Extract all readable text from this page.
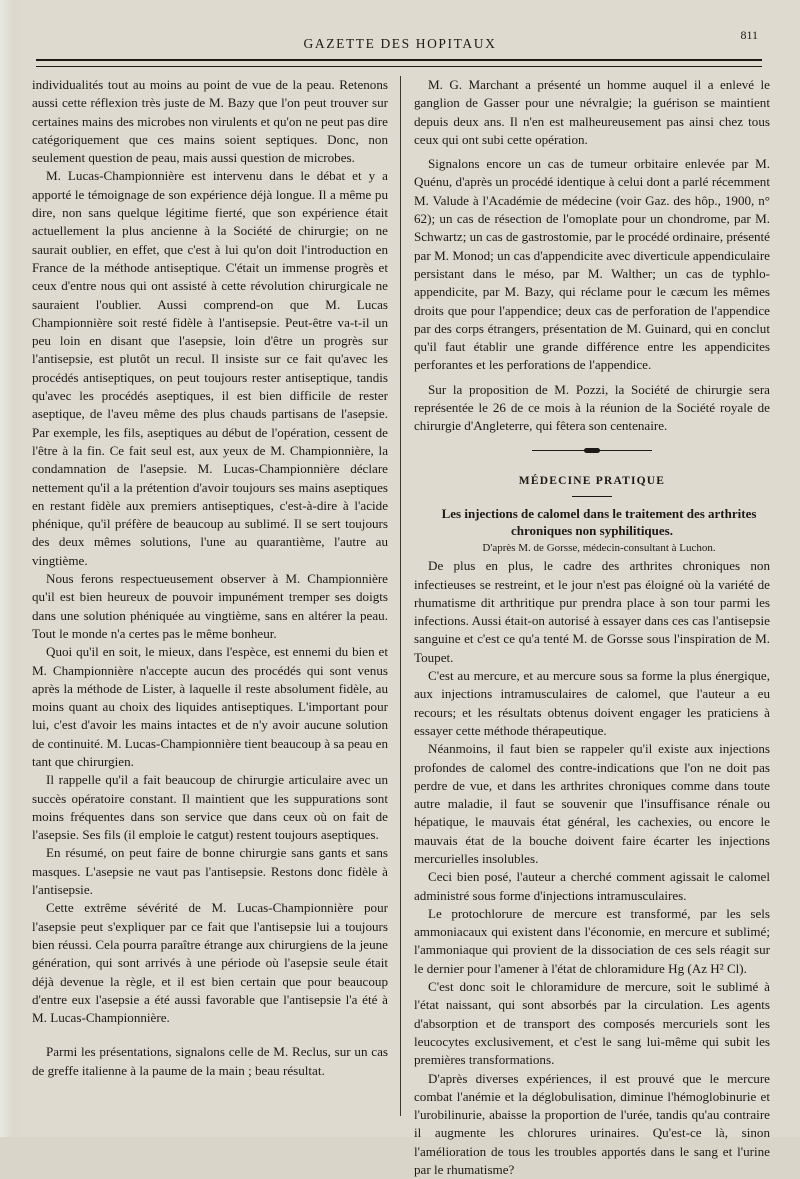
GAZETTE DES HOPITAUX
811

individualités tout au moins au point de vue de la peau. Retenons aussi cette réflexion très juste de M. Bazy que l'on peut trouver sur certaines mains des microbes non virulents et qu'on ne peut pas dire catégoriquement que ces mains soient septiques. Donc, non seulement question de peau, mais aussi question de microbes.

M. Lucas-Championnière est intervenu dans le débat et y a apporté le témoignage de son expérience déjà longue. Il a même pu dire, non sans quelque légitime fierté, que son expérience était actuellement la plus ancienne à la Société de chirurgie; on ne saurait oublier, en effet, que c'est à lui qu'on doit l'introduction en France de la méthode antiseptique. C'était un immense progrès et ceux d'entre nous qui ont assisté à cette révolution chirurgicale ne sauraient l'oublier. Aussi comprend-on que M. Lucas Championnière soit resté fidèle à l'antisepsie. Peut-être va-t-il un peu loin en disant que l'asepsie, loin d'être un progrès sur l'antisepsie, est plutôt un recul. Il insiste sur ce fait qu'avec les procédés antiseptiques, on peut toujours rester antiseptique, tandis qu'avec les procédés aseptiques, il est bien difficile de rester aseptique, de l'aveu même des plus chauds partisans de l'asepsie. Par exemple, les fils, aseptiques au début de l'opération, cessent de l'être à la fin. Ce fait seul est, aux yeux de M. Championnière, la condamnation de l'asepsie. M. Lucas-Championnière déclare nettement qu'il a la prétention d'avoir toujours ses mains aseptiques en restant fidèle aux premiers antiseptiques, c'est-à-dire à l'acide phénique, qu'il préfère de beaucoup au sublimé. Il se sert toujours des deux mêmes solutions, l'une au quarantième, l'autre au vingtième.

Nous ferons respectueusement observer à M. Championnière qu'il est bien heureux de pouvoir impunément tremper ses doigts dans une solution phéniquée au vingtième, sans en altérer la peau. Tout le monde n'a certes pas le même bonheur.

Quoi qu'il en soit, le mieux, dans l'espèce, est ennemi du bien et M. Championnière n'accepte aucun des procédés qui sont venus après la méthode de Lister, à laquelle il reste absolument fidèle, au moins quant au choix des liquides antiseptiques. L'important pour lui, c'est d'avoir les mains intactes et de n'y avoir aucune solution de continuité. M. Lucas-Championnière tient beaucoup à sa peau en tant que chirurgien.

Il rappelle qu'il a fait beaucoup de chirurgie articulaire avec un succès opératoire constant. Il maintient que les suppurations sont moins fréquentes dans son service que dans ceux où on fait de l'asepsie. Ses fils (il emploie le catgut) restent toujours aseptiques.

En résumé, on peut faire de bonne chirurgie sans gants et sans masques. L'asepsie ne vaut pas l'antisepsie. Restons donc fidèle à l'antisepsie.

Cette extrême sévérité de M. Lucas-Championnière pour l'asepsie peut s'expliquer par ce fait que l'antisepsie lui a toujours bien réussi. Cela pourra paraître étrange aux chirurgiens de la jeune génération, qui sont arrivés à une période où l'asepsie seule était déjà devenue la règle, et il est bien certain que pour beaucoup d'entre eux l'asepsie a été aussi favorable que l'antisepsie l'a été à M. Lucas-Championnière.

Parmi les présentations, signalons celle de M. Reclus, sur un cas de greffe italienne à la paume de la main ; beau résultat.

M. G. Marchant a présenté un homme auquel il a enlevé le ganglion de Gasser pour une névralgie; la guérison se maintient depuis deux ans. Il n'en est malheureusement pas ainsi chez tous ceux qui ont subi cette opération.

Signalons encore un cas de tumeur orbitaire enlevée par M. Quénu, d'après un procédé identique à celui dont a parlé récemment M. Valude à l'Académie de médecine (voir Gaz. des hôp., 1900, n° 62); un cas de résection de l'omoplate pour un chondrome, par M. Schwartz; un cas de gastrostomie, par le procédé ordinaire, présenté par M. Monod; un cas d'appendicite avec diverticule appendiculaire persistant dans le méso, par M. Walther; un cas de typhlo-appendicite, par M. Bazy, qui réclame pour le cæcum les mêmes droits que pour l'appendice; deux cas de perforation de l'appendice par des corps étrangers, présentation de M. Guinard, qui en conclut qu'il faut établir une grande différence entre les appendicites perforantes et les perforations de l'appendice.

Sur la proposition de M. Pozzi, la Société de chirurgie sera représentée le 26 de ce mois à la réunion de la Société royale de chirurgie d'Angleterre, qui fêtera son centenaire.

MÉDECINE PRATIQUE

Les injections de calomel dans le traitement des arthrites chroniques non syphilitiques.

D'après M. de Gorsse, médecin-consultant à Luchon.

De plus en plus, le cadre des arthrites chroniques non infectieuses se restreint, et le jour n'est pas éloigné où la variété de rhumatisme dit arthritique pur prendra place à son tour parmi les infections. Aussi était-on autorisé à essayer dans ces cas l'antisepsie sanguine et c'est ce qu'a tenté M. de Gorsse sous l'inspiration de M. Toupet.

C'est au mercure, et au mercure sous sa forme la plus énergique, aux injections intramusculaires de calomel, que l'auteur a eu recours; et les résultats obtenus doivent engager les praticiens à essayer cette méthode thérapeutique.

Néanmoins, il faut bien se rappeler qu'il existe aux injections profondes de calomel des contre-indications que l'on ne doit pas perdre de vue, et dans les arthrites chroniques comme dans toute autre maladie, il faut se souvenir que l'insuffisance rénale ou hépatique, le mauvais état général, les cachexies, ou encore le mauvais état de la bouche doivent faire écarter les injections mercurielles insolubles.

Ceci bien posé, l'auteur a cherché comment agissait le calomel administré sous forme d'injections intramusculaires.

Le protochlorure de mercure est transformé, par les sels ammoniacaux qui existent dans l'économie, en mercure et sublimé; l'ammoniaque qui provient de la dissociation de ces sels réagit sur le dernier pour l'amener à l'état de chloramidure Hg (Az H² Cl).

C'est donc soit le chloramidure de mercure, soit le sublimé à l'état naissant, qui sont absorbés par la circulation. Les agents d'absorption et de transport des composés mercuriels sont les leucocytes exclusivement, et c'est le sang lui-même qui subit les premières transformations.

D'après diverses expériences, il est prouvé que le mercure combat l'anémie et la déglobulisation, diminue l'hémoglobinurie et l'urobilinurie, abaisse la proportion de l'urée, tandis qu'au contraire il augmente les chlorures urinaires. Qu'est-ce là, sinon l'amélioration de tous les troubles apportés dans le sang et l'urine par le rhumatisme?
